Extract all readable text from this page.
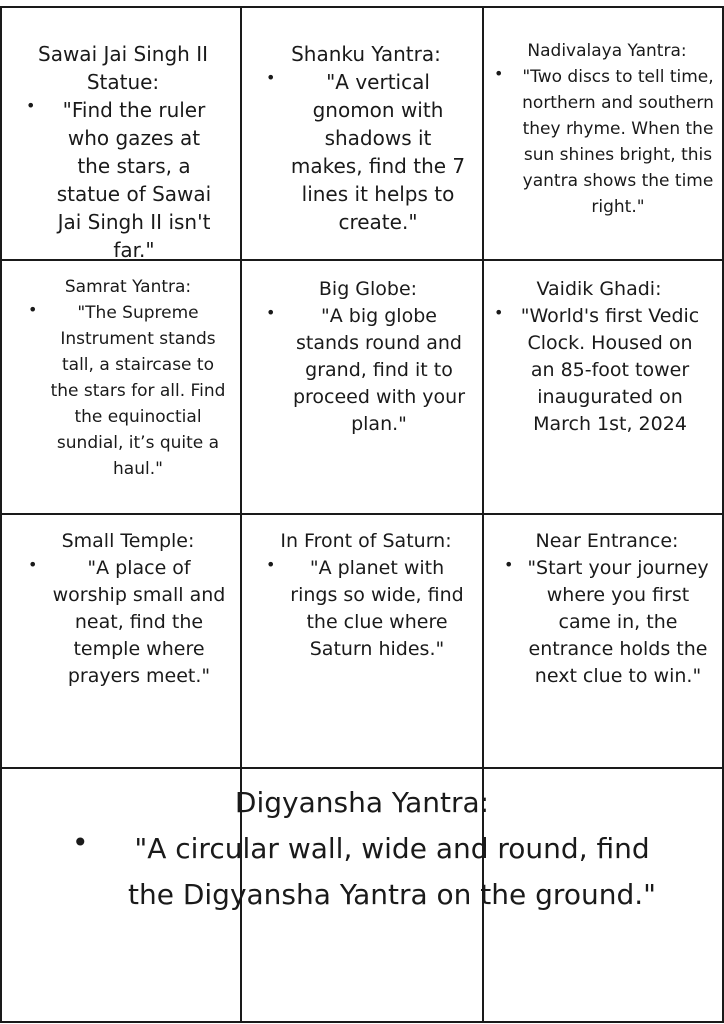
Sawai Jai Singh II Statue:
•	"Find the ruler who gazes at the stars, a statue of Sawai Jai Singh II isn't far."
Shanku Yantra:
•	"A vertical gnomon with shadows it makes, find the 7 lines it helps to create."
Nadivalaya Yantra:
•	"Two discs to tell time, northern and southern they rhyme. When the sun shines bright, this yantra shows the time right."
Samrat Yantra:
•	"The Supreme Instrument stands tall, a staircase to the stars for all. Find the equinoctial sundial, it’s quite a haul."
Big Globe:
•	"A big globe stands round and grand, find it to proceed with your plan."
Vaidik Ghadi:
• "World's first Vedic Clock. Housed on an 85-foot tower inaugurated on March 1st, 2024
Small Temple:
•	"A place of worship small and neat, find the temple where prayers meet."
In Front of Saturn:
•	"A planet with rings so wide, find the clue where Saturn hides."
Near Entrance:
• "Start your journey where you first came in, the entrance holds the next clue to win."
Digyansha Yantra:
•	"A circular wall, wide and round, find the Digyansha Yantra on the ground."
